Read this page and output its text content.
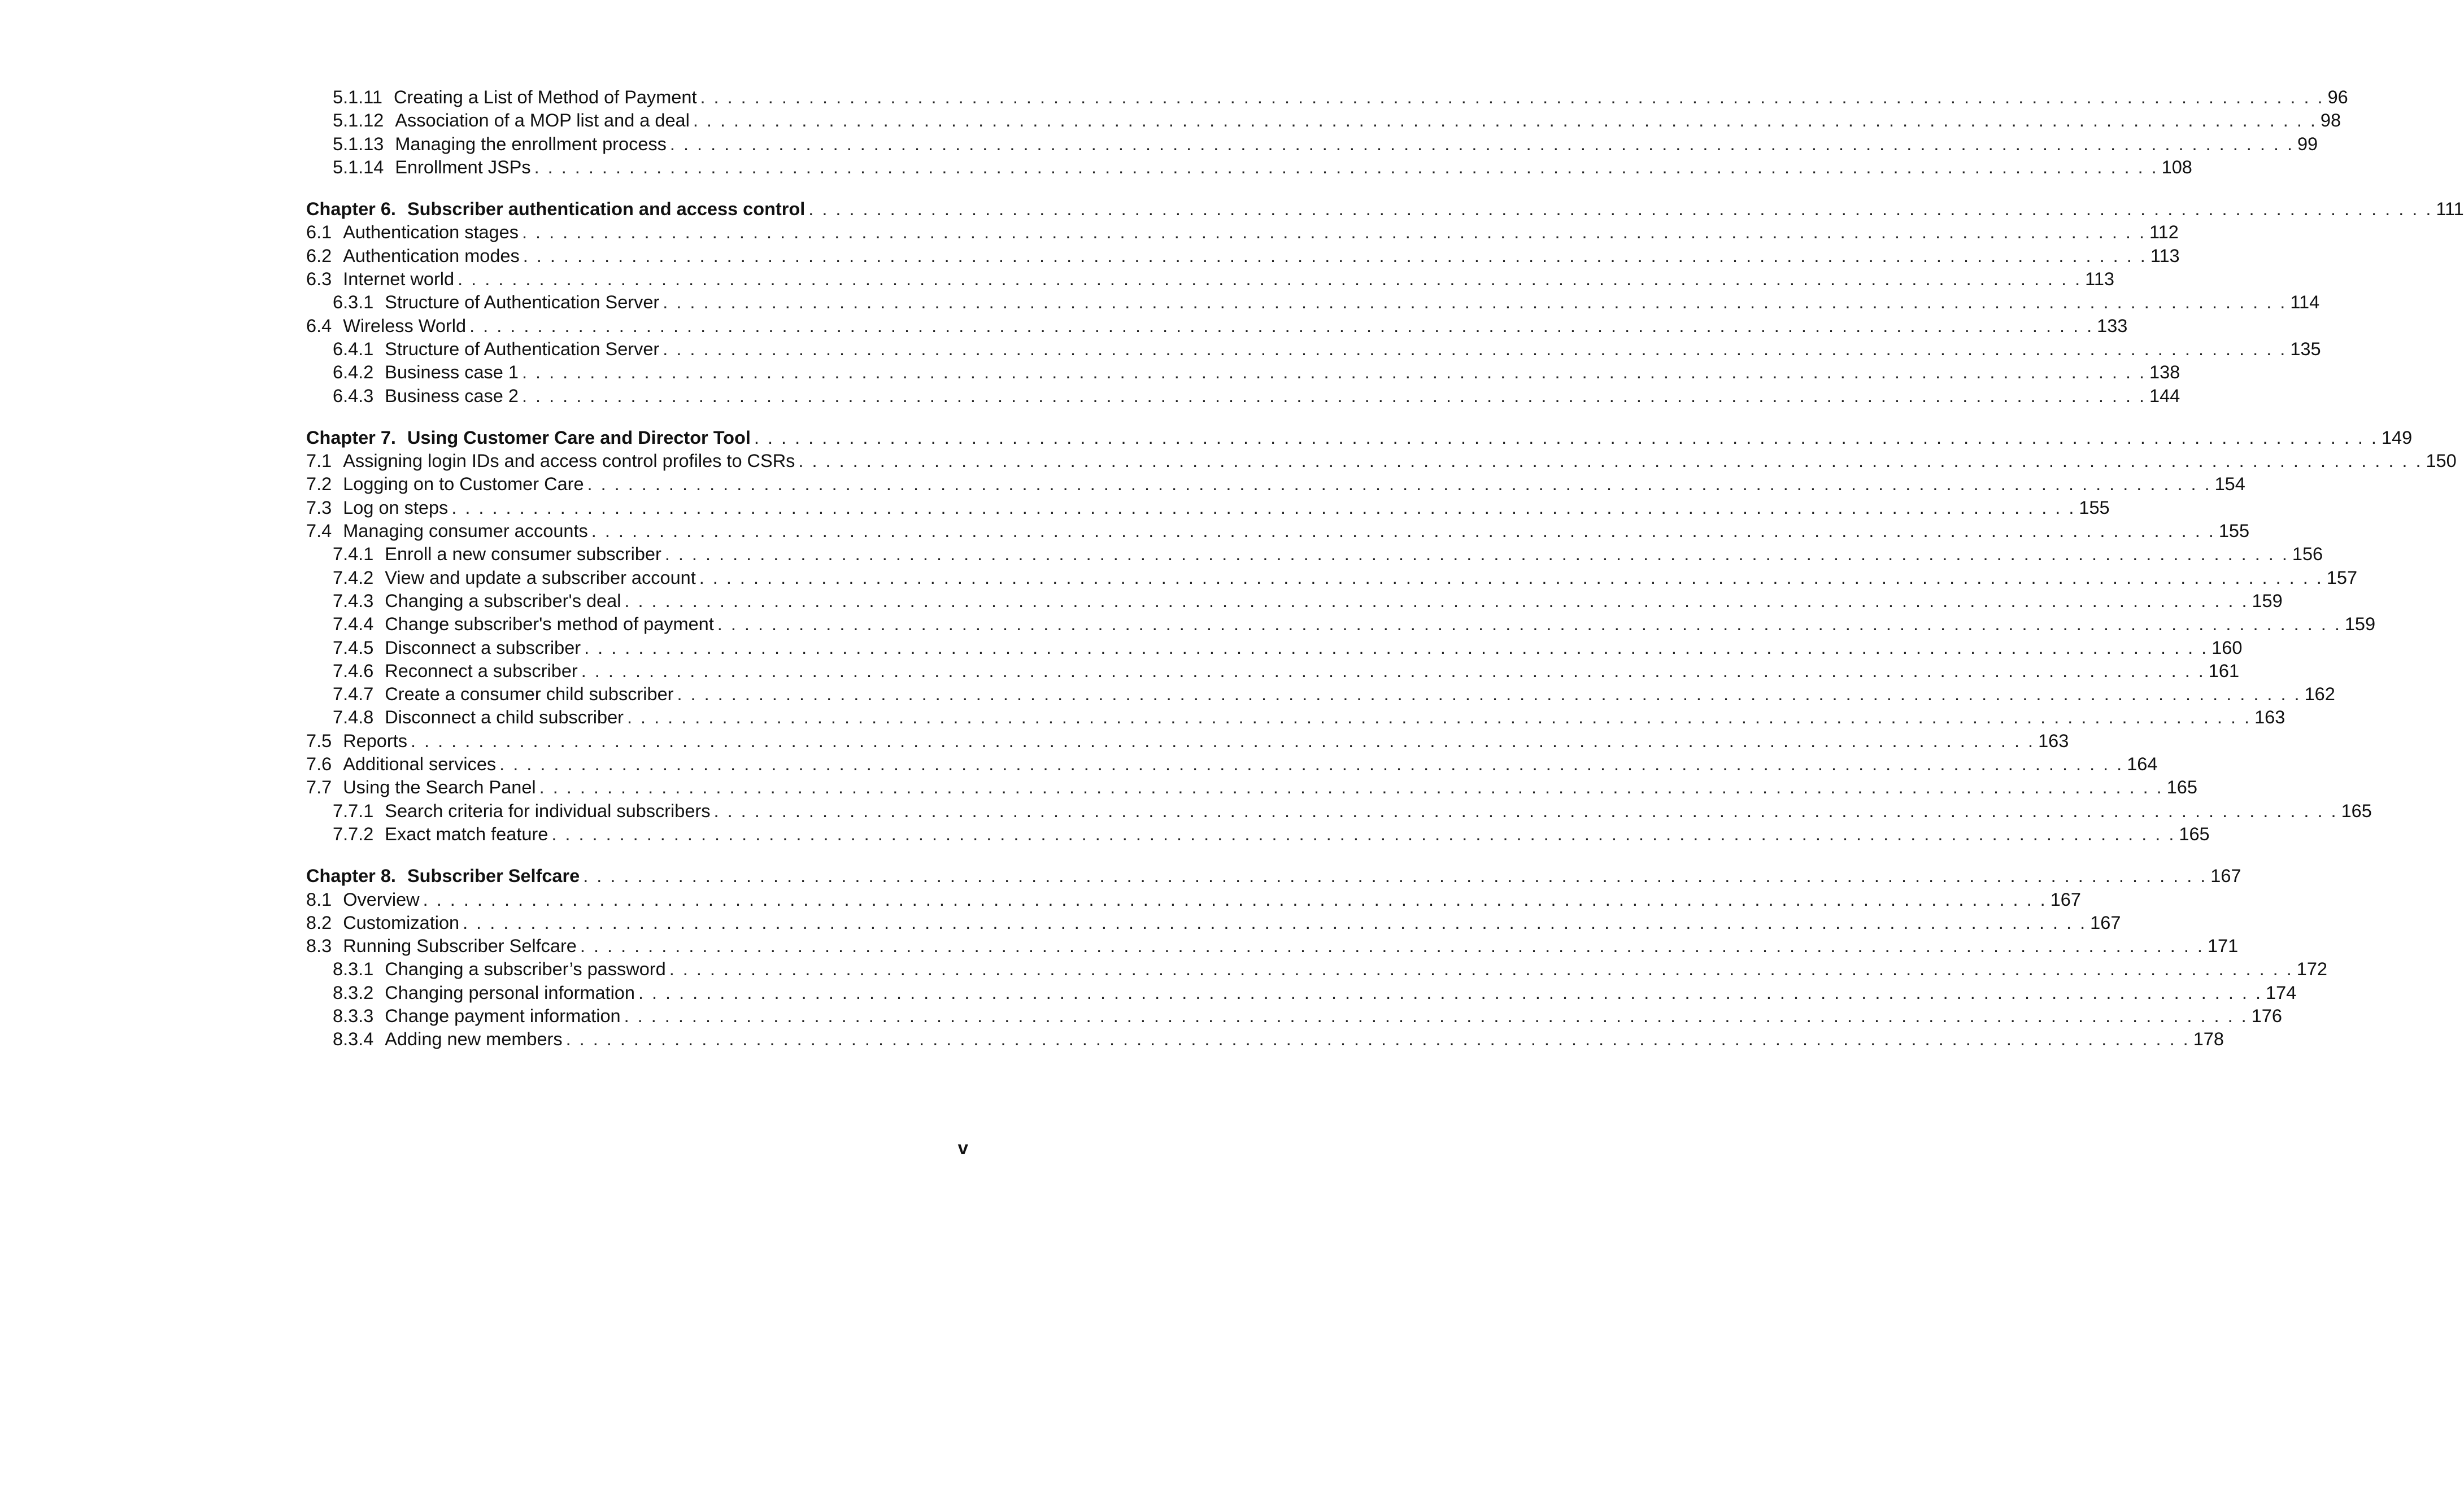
5.1.11 Creating a List of Method of Payment . . . . . . . . . . . . . . . . . . . . . . . . . . . . . . . . . . . . . . . . . . . . . . . . . . . . . . . . . . . . . . . . . . . . . . . . . . . . . . . . . . . . . . . . . . . . . . . . . . . . . . . . . . . . . . . . . . . . . . . . 96
5.1.12 Association of a MOP list and a deal . . . . . . . . . . . . . . . . . . . . . . . . . . . . . . . . . . . . . . . . . . . . . . . . . . . . . . . . . . . . . . . . . . . . . . . . . . . . . . . . . . . . . . . . . . . . . . . . . . . . . . . . . . . . . . . . . . . . . . . . 98
5.1.13 Managing the enrollment process . . . . . . . . . . . . . . . . . . . . . . . . . . . . . . . . . . . . . . . . . . . . . . . . . . . . . . . . . . . . . . . . . . . . . . . . . . . . . . . . . . . . . . . . . . . . . . . . . . . . . . . . . . . . . . . . . . . . . . . . 99
5.1.14 Enrollment JSPs . . . . . . . . . . . . . . . . . . . . . . . . . . . . . . . . . . . . . . . . . . . . . . . . . . . . . . . . . . . . . . . . . . . . . . . . . . . . . . . . . . . . . . . . . . . . . . . . . . . . . . . . . . . . . . . . . . . . . . . . 108
Chapter 6. Subscriber authentication and access control . . . . . . . . . . . . . . . . . . . . . . . . . . . . . . . . . . . . . . . . . . . . . . . . . . . . . . . . . . . . . . . . . . . . . . . . . . . . . . . . . . . . . . . . . . . . . . . . . . . . . . . . . . . . . . . . . . . . . . . . 111
6.1 Authentication stages . . . . . . . . . . . . . . . . . . . . . . . . . . . . . . . . . . . . . . . . . . . . . . . . . . . . . . . . . . . . . . . . . . . . . . . . . . . . . . . . . . . . . . . . . . . . . . . . . . . . . . . . . . . . . . . . . . . . . . . . 112
6.2 Authentication modes . . . . . . . . . . . . . . . . . . . . . . . . . . . . . . . . . . . . . . . . . . . . . . . . . . . . . . . . . . . . . . . . . . . . . . . . . . . . . . . . . . . . . . . . . . . . . . . . . . . . . . . . . . . . . . . . . . . . . . . . 113
6.3 Internet world . . . . . . . . . . . . . . . . . . . . . . . . . . . . . . . . . . . . . . . . . . . . . . . . . . . . . . . . . . . . . . . . . . . . . . . . . . . . . . . . . . . . . . . . . . . . . . . . . . . . . . . . . . . . . . . . . . . . . . . . 113
6.3.1 Structure of Authentication Server . . . . . . . . . . . . . . . . . . . . . . . . . . . . . . . . . . . . . . . . . . . . . . . . . . . . . . . . . . . . . . . . . . . . . . . . . . . . . . . . . . . . . . . . . . . . . . . . . . . . . . . . . . . . . . . . . . . . . . . . 114
6.4 Wireless World . . . . . . . . . . . . . . . . . . . . . . . . . . . . . . . . . . . . . . . . . . . . . . . . . . . . . . . . . . . . . . . . . . . . . . . . . . . . . . . . . . . . . . . . . . . . . . . . . . . . . . . . . . . . . . . . . . . . . . . . 133
6.4.1 Structure of Authentication Server . . . . . . . . . . . . . . . . . . . . . . . . . . . . . . . . . . . . . . . . . . . . . . . . . . . . . . . . . . . . . . . . . . . . . . . . . . . . . . . . . . . . . . . . . . . . . . . . . . . . . . . . . . . . . . . . . . . . . . . . 135
6.4.2 Business case 1 . . . . . . . . . . . . . . . . . . . . . . . . . . . . . . . . . . . . . . . . . . . . . . . . . . . . . . . . . . . . . . . . . . . . . . . . . . . . . . . . . . . . . . . . . . . . . . . . . . . . . . . . . . . . . . . . . . . . . . . . 138
6.4.3 Business case 2 . . . . . . . . . . . . . . . . . . . . . . . . . . . . . . . . . . . . . . . . . . . . . . . . . . . . . . . . . . . . . . . . . . . . . . . . . . . . . . . . . . . . . . . . . . . . . . . . . . . . . . . . . . . . . . . . . . . . . . . . 144
Chapter 7. Using Customer Care and Director Tool . . . . . . . . . . . . . . . . . . . . . . . . . . . . . . . . . . . . . . . . . . . . . . . . . . . . . . . . . . . . . . . . . . . . . . . . . . . . . . . . . . . . . . . . . . . . . . . . . . . . . . . . . . . . . . . . . . . . . . . . 149
7.1 Assigning login IDs and access control profiles to CSRs . . . . . . . . . . . . . . . . . . . . . . . . . . . . . . . . . . . . . . . . . . . . . . . . . . . . . . . . . . . . . . . . . . . . . . . . . . . . . . . . . . . . . . . . . . . . . . . . . . . . . . . . . . . . . . . . . . . . . . . . 150
7.2 Logging on to Customer Care . . . . . . . . . . . . . . . . . . . . . . . . . . . . . . . . . . . . . . . . . . . . . . . . . . . . . . . . . . . . . . . . . . . . . . . . . . . . . . . . . . . . . . . . . . . . . . . . . . . . . . . . . . . . . . . . . . . . . . . . 154
7.3 Log on steps . . . . . . . . . . . . . . . . . . . . . . . . . . . . . . . . . . . . . . . . . . . . . . . . . . . . . . . . . . . . . . . . . . . . . . . . . . . . . . . . . . . . . . . . . . . . . . . . . . . . . . . . . . . . . . . . . . . . . . . . 155
7.4 Managing consumer accounts . . . . . . . . . . . . . . . . . . . . . . . . . . . . . . . . . . . . . . . . . . . . . . . . . . . . . . . . . . . . . . . . . . . . . . . . . . . . . . . . . . . . . . . . . . . . . . . . . . . . . . . . . . . . . . . . . . . . . . . . 155
7.4.1 Enroll a new consumer subscriber . . . . . . . . . . . . . . . . . . . . . . . . . . . . . . . . . . . . . . . . . . . . . . . . . . . . . . . . . . . . . . . . . . . . . . . . . . . . . . . . . . . . . . . . . . . . . . . . . . . . . . . . . . . . . . . . . . . . . . . . 156
7.4.2 View and update a subscriber account . . . . . . . . . . . . . . . . . . . . . . . . . . . . . . . . . . . . . . . . . . . . . . . . . . . . . . . . . . . . . . . . . . . . . . . . . . . . . . . . . . . . . . . . . . . . . . . . . . . . . . . . . . . . . . . . . . . . . . . . 157
7.4.3 Changing a subscriber's deal . . . . . . . . . . . . . . . . . . . . . . . . . . . . . . . . . . . . . . . . . . . . . . . . . . . . . . . . . . . . . . . . . . . . . . . . . . . . . . . . . . . . . . . . . . . . . . . . . . . . . . . . . . . . . . . . . . . . . . . . 159
7.4.4 Change subscriber's method of payment . . . . . . . . . . . . . . . . . . . . . . . . . . . . . . . . . . . . . . . . . . . . . . . . . . . . . . . . . . . . . . . . . . . . . . . . . . . . . . . . . . . . . . . . . . . . . . . . . . . . . . . . . . . . . . . . . . . . . . . . 159
7.4.5 Disconnect a subscriber . . . . . . . . . . . . . . . . . . . . . . . . . . . . . . . . . . . . . . . . . . . . . . . . . . . . . . . . . . . . . . . . . . . . . . . . . . . . . . . . . . . . . . . . . . . . . . . . . . . . . . . . . . . . . . . . . . . . . . . . 160
7.4.6 Reconnect a subscriber . . . . . . . . . . . . . . . . . . . . . . . . . . . . . . . . . . . . . . . . . . . . . . . . . . . . . . . . . . . . . . . . . . . . . . . . . . . . . . . . . . . . . . . . . . . . . . . . . . . . . . . . . . . . . . . . . . . . . . . . 161
7.4.7 Create a consumer child subscriber . . . . . . . . . . . . . . . . . . . . . . . . . . . . . . . . . . . . . . . . . . . . . . . . . . . . . . . . . . . . . . . . . . . . . . . . . . . . . . . . . . . . . . . . . . . . . . . . . . . . . . . . . . . . . . . . . . . . . . . . 162
7.4.8 Disconnect a child subscriber . . . . . . . . . . . . . . . . . . . . . . . . . . . . . . . . . . . . . . . . . . . . . . . . . . . . . . . . . . . . . . . . . . . . . . . . . . . . . . . . . . . . . . . . . . . . . . . . . . . . . . . . . . . . . . . . . . . . . . . . 163
7.5 Reports . . . . . . . . . . . . . . . . . . . . . . . . . . . . . . . . . . . . . . . . . . . . . . . . . . . . . . . . . . . . . . . . . . . . . . . . . . . . . . . . . . . . . . . . . . . . . . . . . . . . . . . . . . . . . . . . . . . . . . . . 163
7.6 Additional services . . . . . . . . . . . . . . . . . . . . . . . . . . . . . . . . . . . . . . . . . . . . . . . . . . . . . . . . . . . . . . . . . . . . . . . . . . . . . . . . . . . . . . . . . . . . . . . . . . . . . . . . . . . . . . . . . . . . . . . . 164
7.7 Using the Search Panel . . . . . . . . . . . . . . . . . . . . . . . . . . . . . . . . . . . . . . . . . . . . . . . . . . . . . . . . . . . . . . . . . . . . . . . . . . . . . . . . . . . . . . . . . . . . . . . . . . . . . . . . . . . . . . . . . . . . . . . . 165
7.7.1 Search criteria for individual subscribers . . . . . . . . . . . . . . . . . . . . . . . . . . . . . . . . . . . . . . . . . . . . . . . . . . . . . . . . . . . . . . . . . . . . . . . . . . . . . . . . . . . . . . . . . . . . . . . . . . . . . . . . . . . . . . . . . . . . . . . . 165
7.7.2 Exact match feature . . . . . . . . . . . . . . . . . . . . . . . . . . . . . . . . . . . . . . . . . . . . . . . . . . . . . . . . . . . . . . . . . . . . . . . . . . . . . . . . . . . . . . . . . . . . . . . . . . . . . . . . . . . . . . . . . . . . . . . . 165
Chapter 8. Subscriber Selfcare . . . . . . . . . . . . . . . . . . . . . . . . . . . . . . . . . . . . . . . . . . . . . . . . . . . . . . . . . . . . . . . . . . . . . . . . . . . . . . . . . . . . . . . . . . . . . . . . . . . . . . . . . . . . . . . . . . . . . . . . 167
8.1 Overview . . . . . . . . . . . . . . . . . . . . . . . . . . . . . . . . . . . . . . . . . . . . . . . . . . . . . . . . . . . . . . . . . . . . . . . . . . . . . . . . . . . . . . . . . . . . . . . . . . . . . . . . . . . . . . . . . . . . . . . . 167
8.2 Customization . . . . . . . . . . . . . . . . . . . . . . . . . . . . . . . . . . . . . . . . . . . . . . . . . . . . . . . . . . . . . . . . . . . . . . . . . . . . . . . . . . . . . . . . . . . . . . . . . . . . . . . . . . . . . . . . . . . . . . . . 167
8.3 Running Subscriber Selfcare . . . . . . . . . . . . . . . . . . . . . . . . . . . . . . . . . . . . . . . . . . . . . . . . . . . . . . . . . . . . . . . . . . . . . . . . . . . . . . . . . . . . . . . . . . . . . . . . . . . . . . . . . . . . . . . . . . . . . . . . 171
8.3.1 Changing a subscriber’s password . . . . . . . . . . . . . . . . . . . . . . . . . . . . . . . . . . . . . . . . . . . . . . . . . . . . . . . . . . . . . . . . . . . . . . . . . . . . . . . . . . . . . . . . . . . . . . . . . . . . . . . . . . . . . . . . . . . . . . . . 172
8.3.2 Changing personal information . . . . . . . . . . . . . . . . . . . . . . . . . . . . . . . . . . . . . . . . . . . . . . . . . . . . . . . . . . . . . . . . . . . . . . . . . . . . . . . . . . . . . . . . . . . . . . . . . . . . . . . . . . . . . . . . . . . . . . . . 174
8.3.3 Change payment information . . . . . . . . . . . . . . . . . . . . . . . . . . . . . . . . . . . . . . . . . . . . . . . . . . . . . . . . . . . . . . . . . . . . . . . . . . . . . . . . . . . . . . . . . . . . . . . . . . . . . . . . . . . . . . . . . . . . . . . . 176
8.3.4 Adding new members . . . . . . . . . . . . . . . . . . . . . . . . . . . . . . . . . . . . . . . . . . . . . . . . . . . . . . . . . . . . . . . . . . . . . . . . . . . . . . . . . . . . . . . . . . . . . . . . . . . . . . . . . . . . . . . . . . . . . . . . 178
v
